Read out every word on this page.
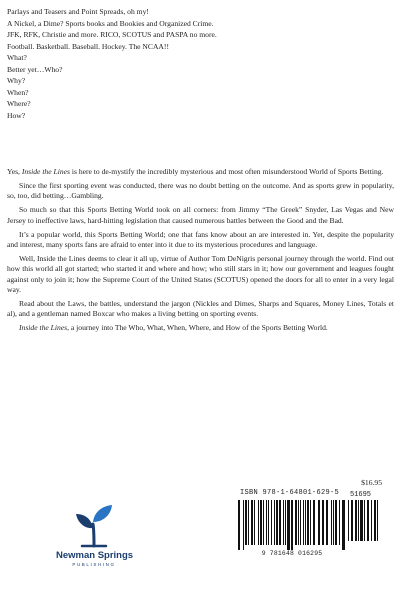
Parlays and Teasers and Point Spreads, oh my!
A Nickel, a Dime? Sports books and Bookies and Organized Crime.
JFK, RFK, Christie and more. RICO, SCOTUS and PASPA no more.
Football. Basketball. Baseball. Hockey. The NCAA!!
What?
Better yet…Who?
Why?
When?
Where?
How?

Yes, Inside the Lines is here to de-mystify the incredibly mysterious and most often misunderstood World of Sports Betting.

Since the first sporting event was conducted, there was no doubt betting on the outcome. And as sports grew in popularity, so, too, did betting…Gambling.

So much so that this Sports Betting World took on all corners: from Jimmy “The Greek” Snyder, Las Vegas and New Jersey to ineffective laws, hard-hitting legislation that caused numerous battles between the Good and the Bad.

It’s a popular world, this Sports Betting World; one that fans know about an are interested in. Yet, despite the popularity and interest, many sports fans are afraid to enter into it due to its mysterious procedures and language.

Well, Inside the Lines deems to clear it all up, virtue of Author Tom DeNigris personal journey through the world. Find out how this world all got started; who started it and where and how; who still stars in it; how our government and leagues fought against only to join it; how the Supreme Court of the United States (SCOTUS) opened the doors for all to enter in a very legal way.

Read about the Laws, the battles, understand the jargon (Nickles and Dimes, Sharps and Squares, Money Lines, Totals et al), and a gentleman named Boxcar who makes a living betting on sporting events.

Inside the Lines, a journey into The Who, What, When, Where, and How of the Sports Betting World.

$16.95
ISBN 978-1-64801-629-5 51695
9 781648 016295
Newman Springs
PUBLISHING
